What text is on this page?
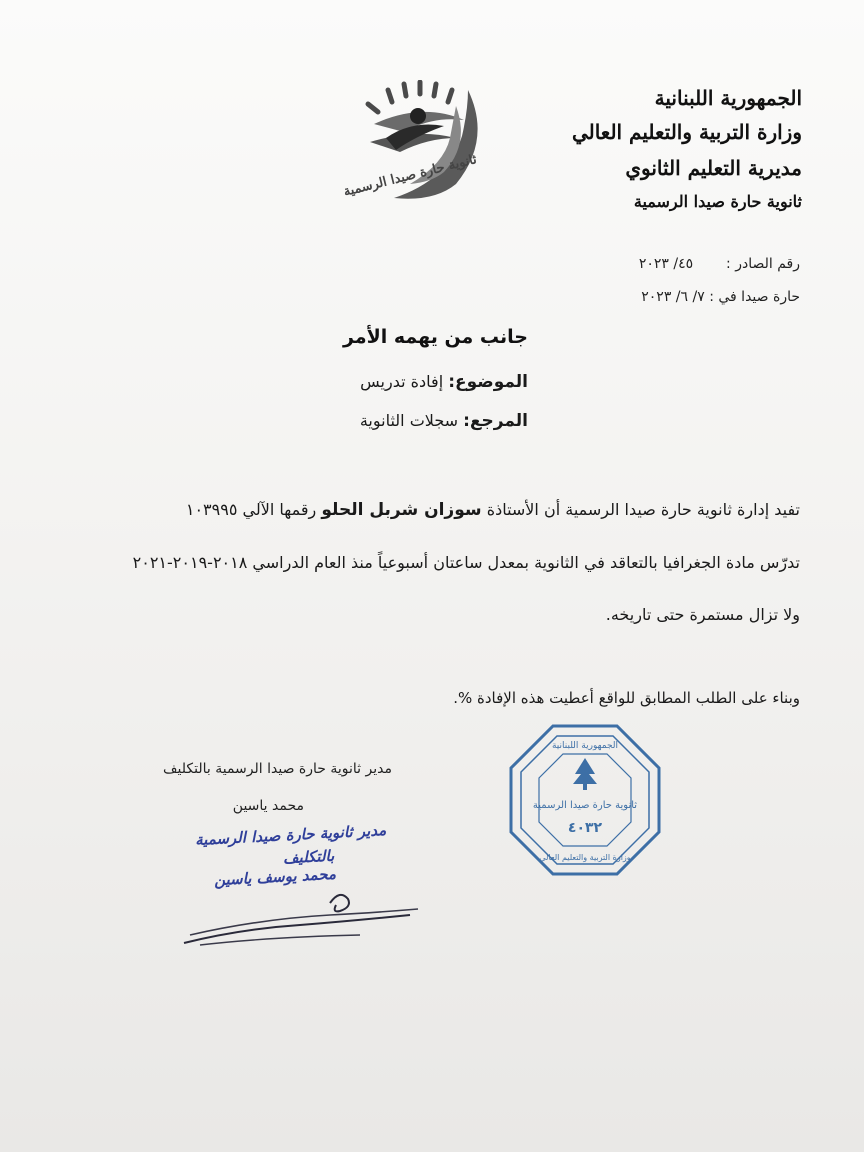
الجمهورية اللبنانية
وزارة التربية والتعليم العالي
مديرية التعليم الثانوي
ثانوية حارة صيدا الرسمية
ثانوية حارة صيدا الرسمية
رقم الصادر :  ٤٥/ ٢٠٢٣
حارة صيدا في : ٧/ ٦/ ٢٠٢٣
جانب من يهمه الأمر
الموضوع: إفادة تدريس
المرجع: سجلات الثانوية
تفيد إدارة ثانوية حارة صيدا الرسمية أن الأستاذة سوزان شربل الحلو رقمها الآلي ١٠٣٩٩٥
تدرّس مادة الجغرافيا بالتعاقد في الثانوية بمعدل ساعتان أسبوعياً منذ العام الدراسي ٢٠١٨-٢٠١٩-٢٠٢١
ولا تزال مستمرة حتى تاريخه.
وبناء على الطلب المطابق للواقع أعطيت هذه الإفادة %.
مدير ثانوية حارة صيدا الرسمية بالتكليف
محمد ياسين
مدير ثانوية حارة صيدا الرسمية
بالتكليف
محمد يوسف ياسين
الجمهورية اللبنانية
ثانوية حارة صيدا الرسمية
٤٠٣٢
وزارة التربية والتعليم العالي
